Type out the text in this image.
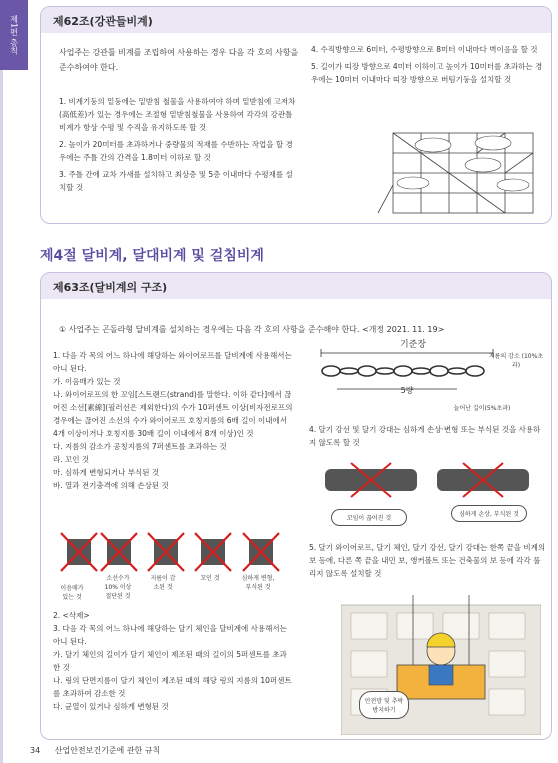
제1편 총칙	제62조(강관들비계)

사업주는 강관틀 비계를 조립하여 사용하는 경우 다음 각 호의 사항을 준수하여야 한다.

1. 비계기둥의 밑둥에는 밑받침 철물을 사용하여야 하며 밑받침에 고저차(高低差)가 있는 경우에는 조절형 밑받침철물을 사용하여 각각의 강관틀비계가 항상 수평 및 수직을 유지하도록 할 것

2. 높이가 20미터를 초과하거나 중량물의 적재를 수반하는 작업을 할 경우에는 주틀 간의 간격을 1.8미터 이하로 할 것

3. 주틀 간에 교차 가새를 설치하고 최상층 및 5층 이내마다 수평재를 설치할 것

4. 수직방향으로 6미터, 수평방향으로 8미터 이내마다 벽이음을 할 것

5. 길이가 띠장 방향으로 4미터 이하이고 높이가 10미터를 초과하는 경우에는 10미터 이내마다 띠장 방향으로 버팀기둥을 설치할 것

제4절 달비계, 달대비계 및 걸침비계
제63조(달비계의 구조)
① 사업주는 곤돌라형 달비계를 설치하는 경우에는 다음 각 호의 사항을 준수해야 한다. <개정 2021. 11. 19>

1. 다음 각 목의 어느 하나에 해당하는 와이어로프를 달비계에 사용해서는 아니 된다.

가. 이음매가 있는 것

나. 와이어로프의 한 꼬임[스트랜드(strand)를 말한다. 이하 같다]에서 끊어진 소선[素線](필러선은 제외한다)의 수가 10퍼센트 이상(비자전로프의 경우에는 끊어진 소선의 수가 와이어로프 호칭지름의 6배 길이 이내에서 4개 이상이거나 호칭지름 30배 길이 이내에서 8개 이상)인 것

다. 지름의 감소가 공칭지름의 7퍼센트를 초과하는 것

라. 꼬인 것

마. 심하게 변형되거나 부식된 것

바. 열과 전기충격에 의해 손상된 것

이음매가 있는 것
소선수가 10% 이상 절단된 것
지름이 감소된 것
꼬인 것	심하게 변형, 부식된 것

2. <삭제>

3. 다음 각 목의 어느 하나에 해당하는 달기 체인을 달비계에 사용해서는 아니 된다.

가. 달기 체인의 길이가 달기 체인이 제조된 때의 길이의 5퍼센트를 초과한 것

나. 링의 단면지름이 달기 체인이 제조된 때의 해당 링의 지름의 10퍼센트를 초과하여 감소한 것

다. 균열이 있거나 심하게 변형된 것

기준장
5량
지름의 감소 (10%초과)
늘어난 길이(5%초과)

4. 달기 강선 및 달기 강대는 심하게 손상·변형 또는 부식된 것을 사용하지 않도록 할 것

꼬임이 끊어진 것
심하게 손상, 부식된 것

5. 달기 와이어로프, 달기 체인, 달기 강선, 달기 강대는 한쪽 끝을 비계의 보 등에, 다른 쪽 끝을 내민 보, 앵커볼트 또는 건축물의 보 등에 각각 풀리지 않도록 설치할 것

안전망 및 추락 방지하기
34 산업안전보건기준에 관한 규칙
